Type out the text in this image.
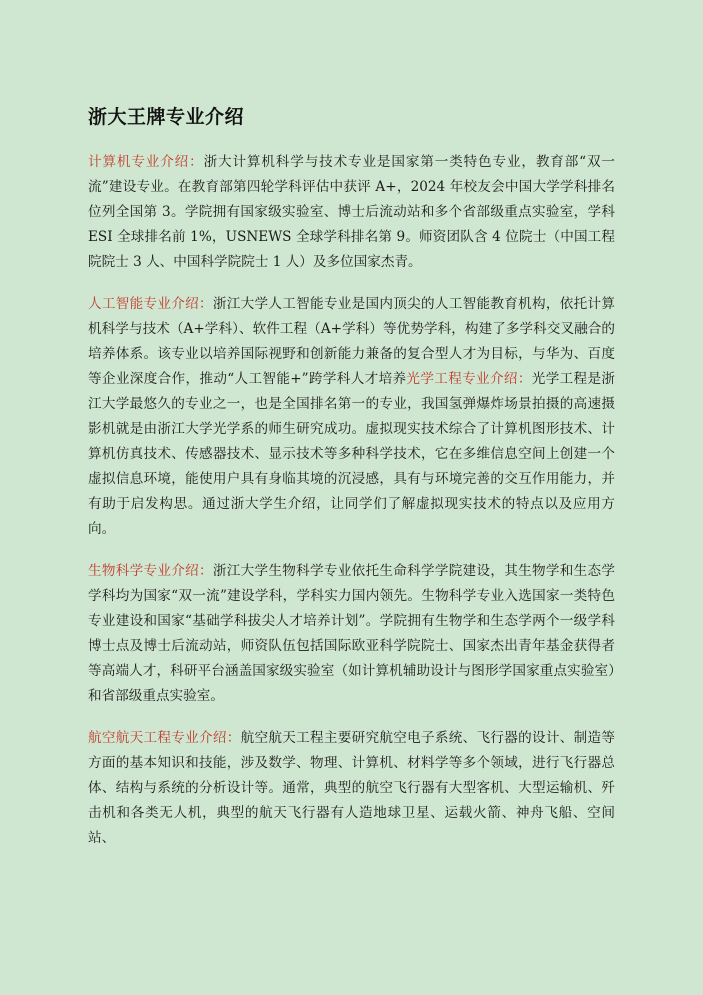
浙大王牌专业介绍

计算机专业介绍：浙大计算机科学与技术专业是国家第一类特色专业，教育部“双一流”建设专业。在教育部第四轮学科评估中获评 A+，2024 年校友会中国大学学科排名位列全国第 3。学院拥有国家级实验室、博士后流动站和多个省部级重点实验室，学科 ESI 全球排名前 1%，USNEWS 全球学科排名第 9。师资团队含 4 位院士（中国工程院院士 3 人、中国科学院院士 1 人）及多位国家杰青。

人工智能专业介绍：浙江大学人工智能专业是国内顶尖的人工智能教育机构，依托计算机科学与技术（A+学科）、软件工程（A+学科）等优势学科，构建了多学科交叉融合的培养体系。该专业以培养国际视野和创新能力兼备的复合型人才为目标，与华为、百度等企业深度合作，推动“人工智能+”跨学科人才培养光学工程专业介绍：光学工程是浙江大学最悠久的专业之一，也是全国排名第一的专业，我国氢弹爆炸场景拍摄的高速摄影机就是由浙江大学光学系的师生研究成功。虚拟现实技术综合了计算机图形技术、计算机仿真技术、传感器技术、显示技术等多种科学技术，它在多维信息空间上创建一个虚拟信息环境，能使用户具有身临其境的沉浸感，具有与环境完善的交互作用能力，并有助于启发构思。通过浙大学生介绍，让同学们了解虚拟现实技术的特点以及应用方向。

生物科学专业介绍：浙江大学生物科学专业依托生命科学学院建设，其生物学和生态学学科均为国家“双一流”建设学科，学科实力国内领先。生物科学专业入选国家一类特色专业建设和国家“基础学科拔尖人才培养计划”。学院拥有生物学和生态学两个一级学科博士点及博士后流动站，师资队伍包括国际欧亚科学院院士、国家杰出青年基金获得者等高端人才，科研平台涵盖国家级实验室（如计算机辅助设计与图形学国家重点实验室）和省部级重点实验室。

航空航天工程专业介绍：航空航天工程主要研究航空电子系统、飞行器的设计、制造等方面的基本知识和技能，涉及数学、物理、计算机、材料学等多个领域，进行飞行器总体、结构与系统的分析设计等。通常，典型的航空飞行器有大型客机、大型运输机、歼击机和各类无人机，典型的航天飞行器有人造地球卫星、运载火箭、神舟飞船、空间站、
